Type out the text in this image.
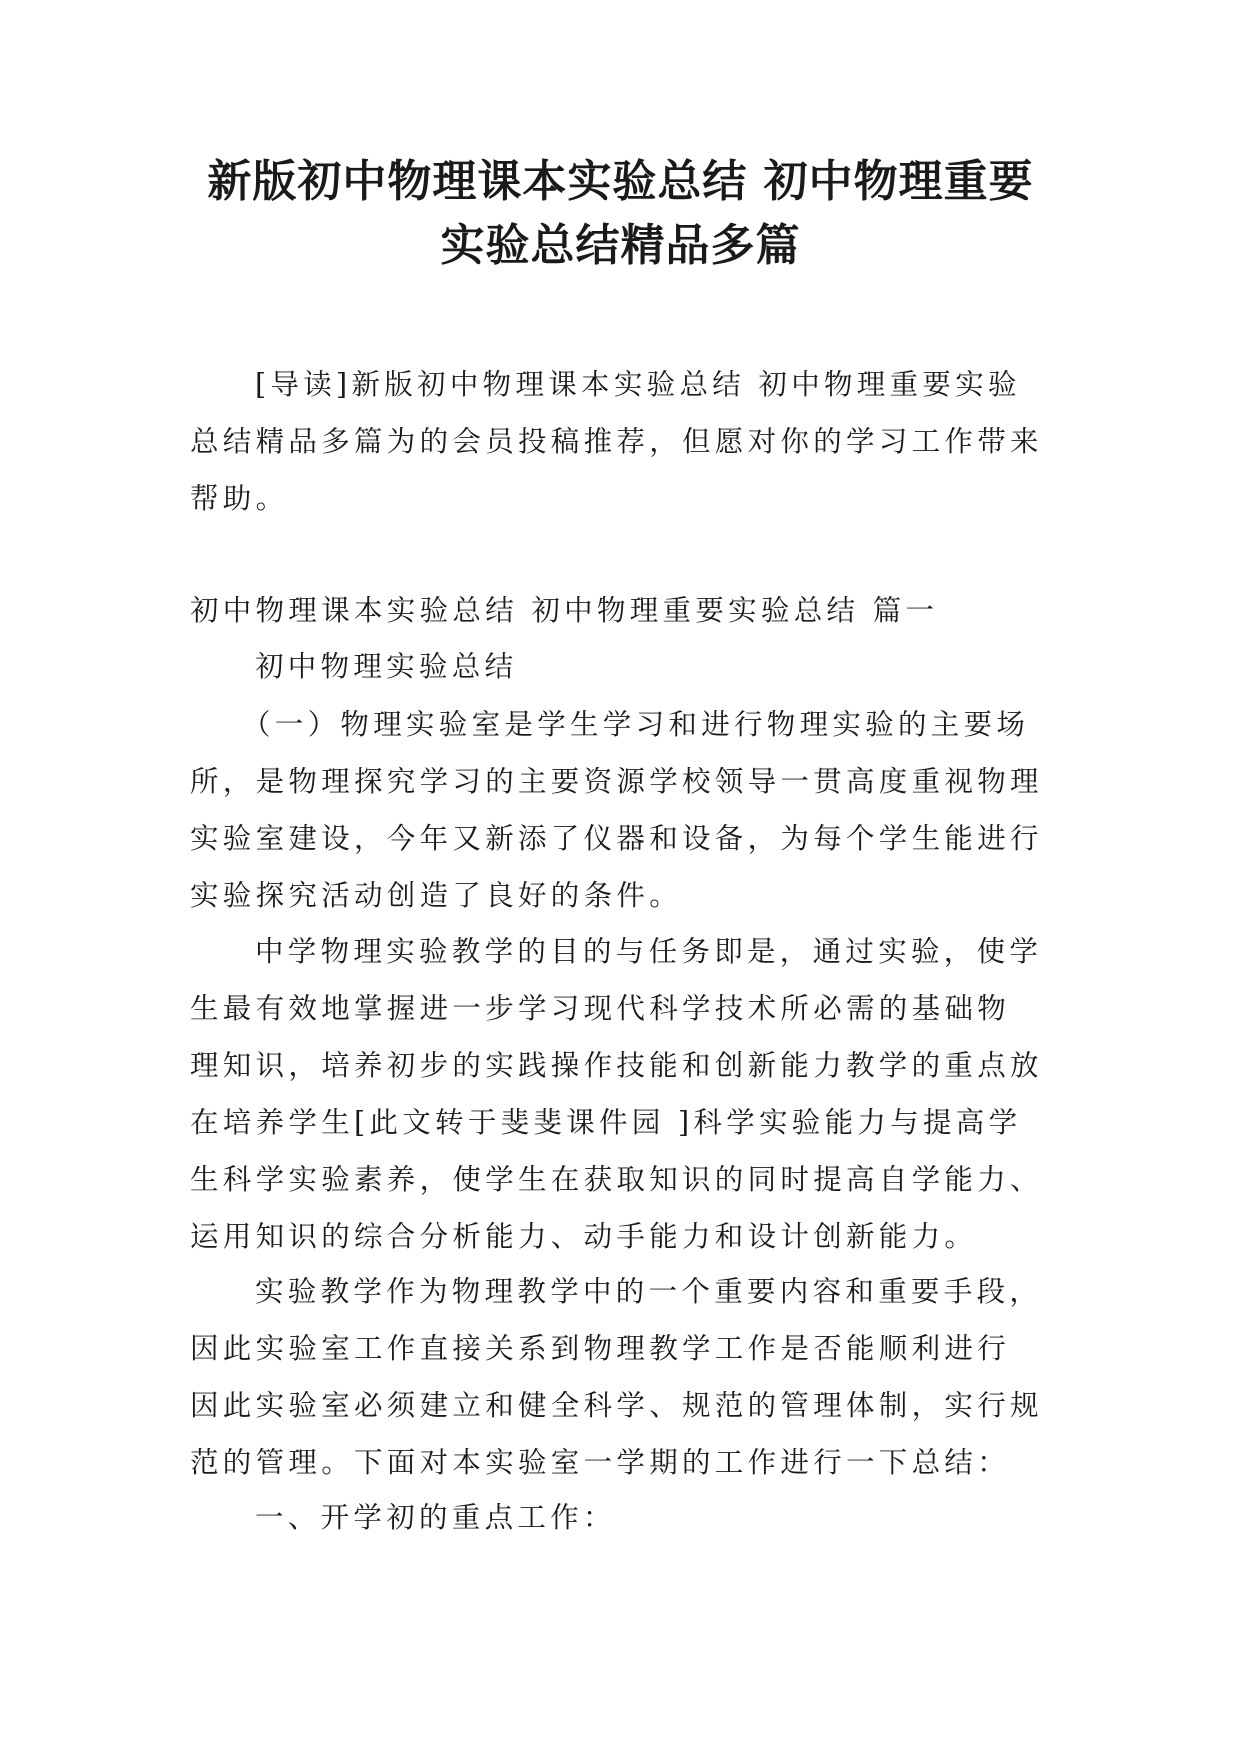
新版初中物理课本实验总结 初中物理重要
实验总结精品多篇

[导读]新版初中物理课本实验总结 初中物理重要实验
总结精品多篇为的会员投稿推荐，但愿对你的学习工作带来
帮助。

初中物理课本实验总结 初中物理重要实验总结 篇一

初中物理实验总结

（一）物理实验室是学生学习和进行物理实验的主要场
所，是物理探究学习的主要资源学校领导一贯高度重视物理
实验室建设，今年又新添了仪器和设备，为每个学生能进行
实验探究活动创造了良好的条件。

中学物理实验教学的目的与任务即是，通过实验，使学
生最有效地掌握进一步学习现代科学技术所必需的基础物
理知识，培养初步的实践操作技能和创新能力教学的重点放
在培养学生[此文转于斐斐课件园 ]科学实验能力与提高学
生科学实验素养，使学生在获取知识的同时提高自学能力、
运用知识的综合分析能力、动手能力和设计创新能力。

实验教学作为物理教学中的一个重要内容和重要手段，
因此实验室工作直接关系到物理教学工作是否能顺利进行
因此实验室必须建立和健全科学、规范的管理体制，实行规
范的管理。下面对本实验室一学期的工作进行一下总结：

一、开学初的重点工作：
